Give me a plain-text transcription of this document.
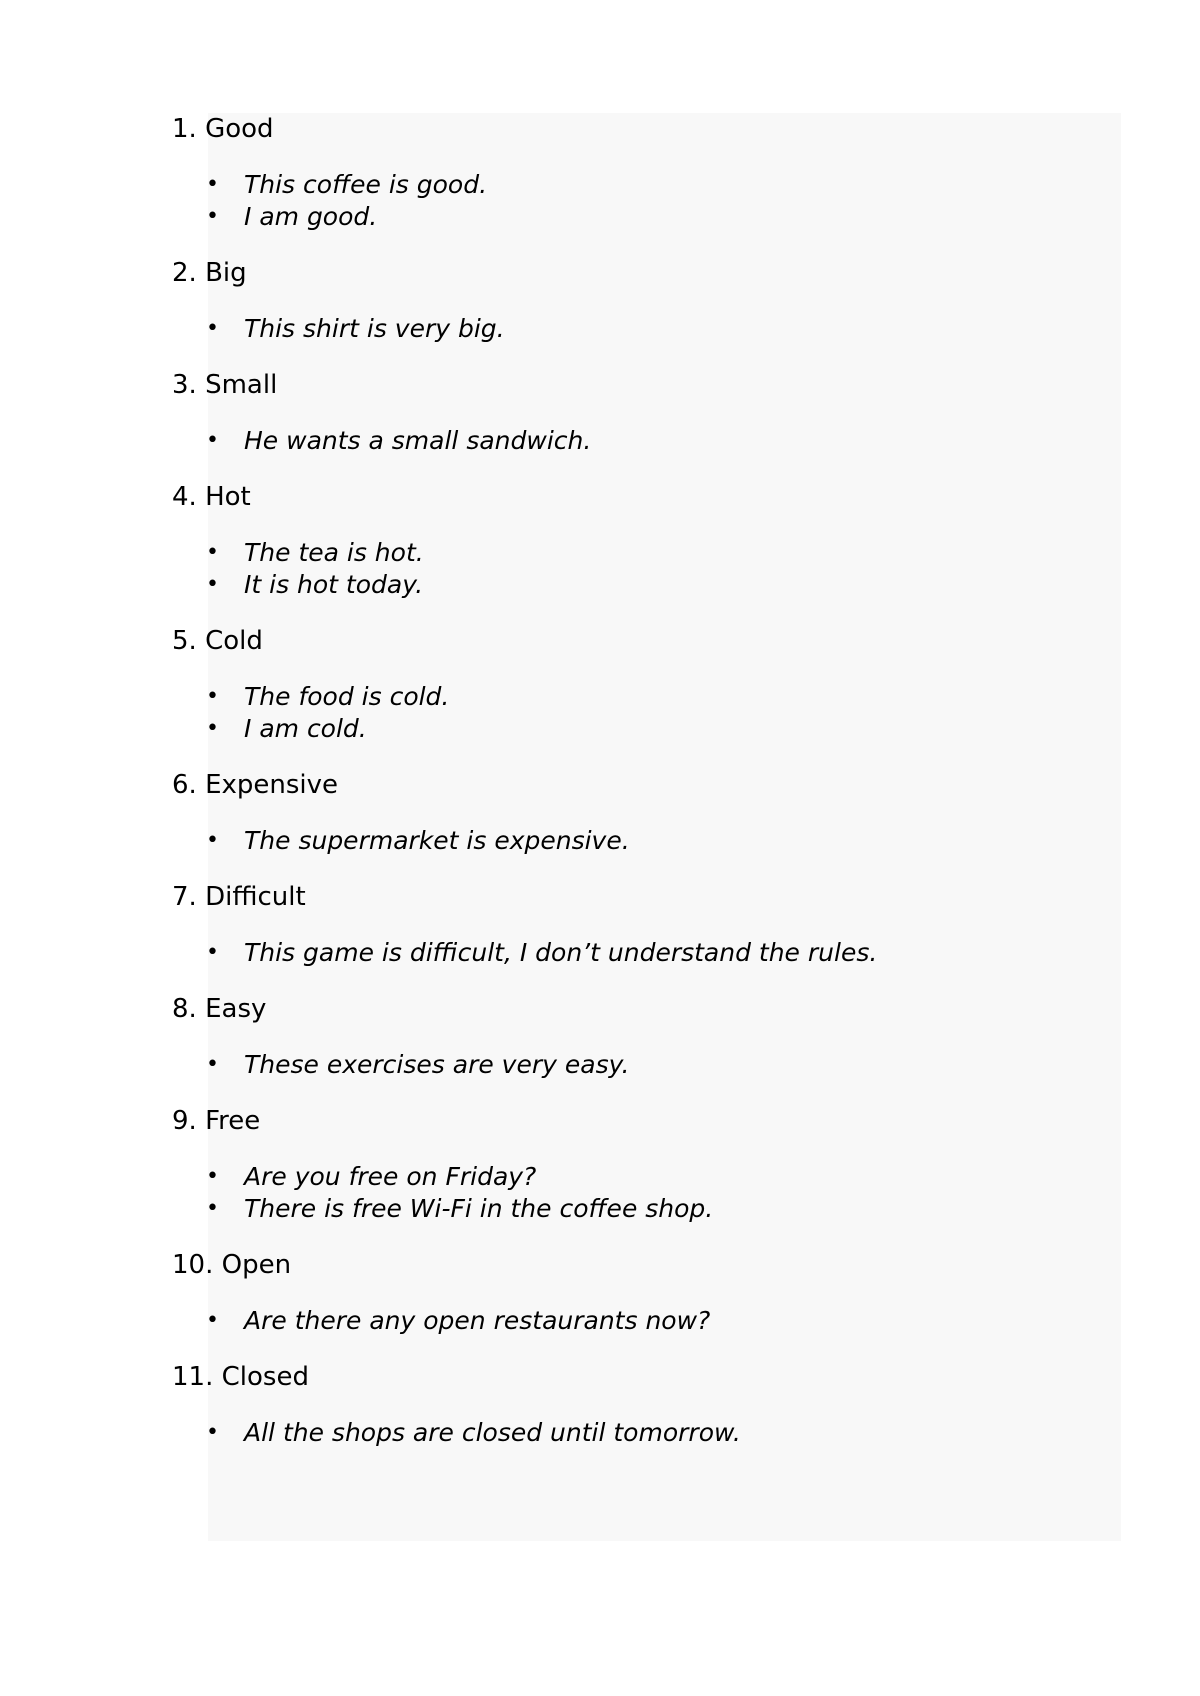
1. Good
• This coffee is good.
• I am good.
2. Big
• This shirt is very big.
3. Small
• He wants a small sandwich.
4. Hot
• The tea is hot.
• It is hot today.
5. Cold
• The food is cold.
• I am cold.
6. Expensive
• The supermarket is expensive.
7. Difficult
• This game is difficult, I don’t understand the rules.
8. Easy
• These exercises are very easy.
9. Free
• Are you free on Friday?
• There is free Wi-Fi in the coffee shop.
10. Open
• Are there any open restaurants now?
11. Closed
• All the shops are closed until tomorrow.
